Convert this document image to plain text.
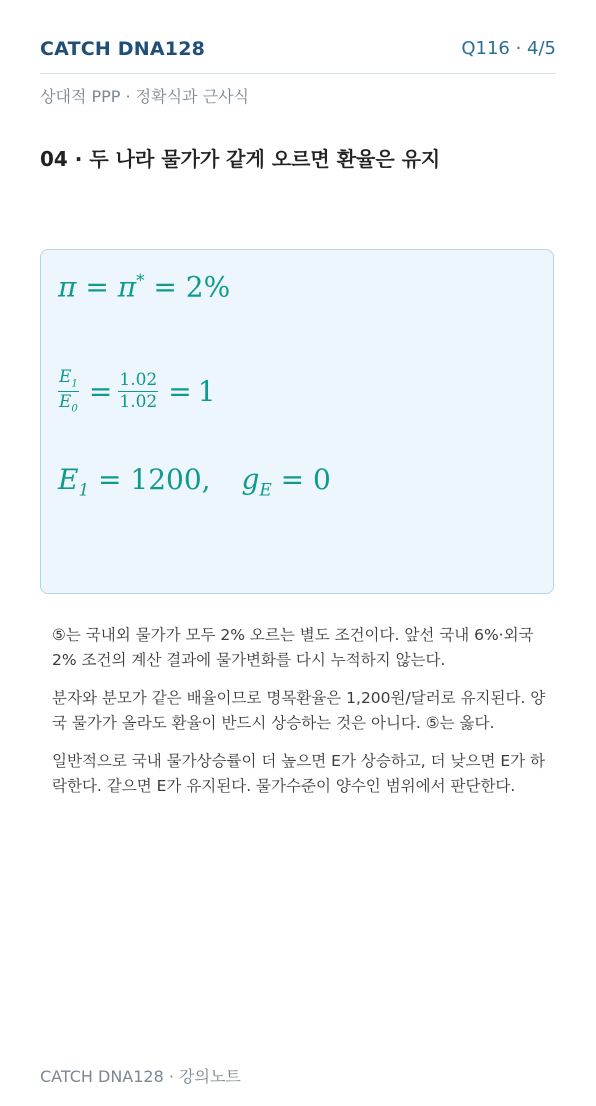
CATCH DNA128	Q116 · 4/5
상대적 PPP · 정확식과 근사식
04 · 두 나라 물가가 같게 오르면 환율은 유지
π = π* = 2%
$\frac{E_1}{E_0} = \frac{1.02}{1.02} = 1$
$E_1 = 1200$, $g_E = 0$

⑤는 국내외 물가가 모두 2% 오르는 별도 조건이다. 앞선 국내 6%·외국 2% 조건의 계산 결과에 물가변화를 다시 누적하지 않는다.

분자와 분모가 같은 배율이므로 명목환율은 1,200원/달러로 유지된다. 양국 물가가 올라도 환율이 반드시 상승하는 것은 아니다. ⑤는 옳다.

일반적으로 국내 물가상승률이 더 높으면 E가 상승하고, 더 낮으면 E가 하락한다. 같으면 E가 유지된다. 물가수준이 양수인 범위에서 판단한다.

CATCH DNA128 · 강의노트
